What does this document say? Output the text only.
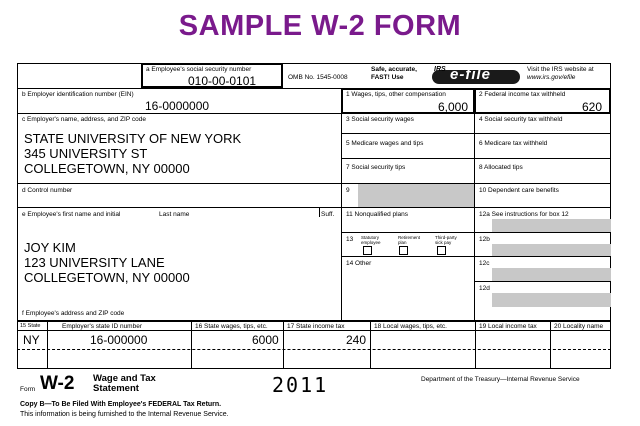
SAMPLE W-2 FORM
a Employee's social security number
010-00-0101	OMB No. 1545-0008
Safe, accurate,
FAST! Use
IRS e-file	Visit the IRS website at
www.irs.gov/efile
b Employer identification number (EIN)
16-0000000
c Employer's name, address, and ZIP code
STATE UNIVERSITY OF NEW YORK
345 UNIVERSITY ST
COLLEGETOWN, NY 00000
d Control number
e Employee's first name and initial	Last name	Suff.
JOY KIM
123 UNIVERSITY LANE
COLLEGETOWN, NY 00000
f Employee's address and ZIP code
1 Wages, tips, other compensation
6,000
2 Federal income tax withheld
620
3 Social security wages	4 Social security tax withheld
5 Medicare wages and tips	6 Medicare tax withheld
7 Social security tips	8 Allocated tips
9	10 Dependent care benefits
11 Nonqualified plans	12a See instructions for box 12
13 Statutory employee
Retirement plan
Third-party sick pay	12b
14 Other	12c
12d
15 State	Employer's state ID number	16 State wages, tips, etc.	17 State income tax	18 Local wages, tips, etc.	19 Local income tax	20 Locality name
NY	16-000000	6000	240
Form W-2 Wage and Tax
Statement	2011	Department of the Treasury—Internal Revenue Service
Copy B—To Be Filed With Employee's FEDERAL Tax Return.
This information is being furnished to the Internal Revenue Service.
